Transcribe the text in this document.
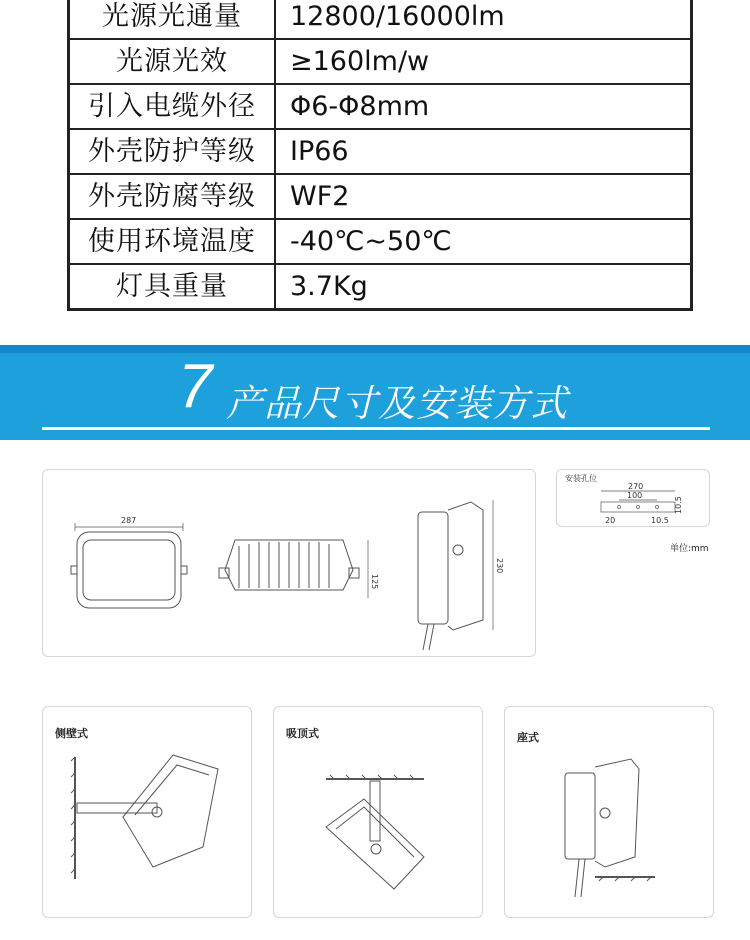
光源光通量	12800/16000lm
光源光效	≥160lm/w
引入电缆外径	Φ6-Φ8mm
外壳防护等级	IP66
外壳防腐等级	WF2
使用环境温度	-40℃~50℃
灯具重量	3.7Kg
7 产品尺寸及安装方式
287
125
230
安装孔位
270
100
10.5
20	10.5
单位:mm
侧壁式	吸顶式	座式
